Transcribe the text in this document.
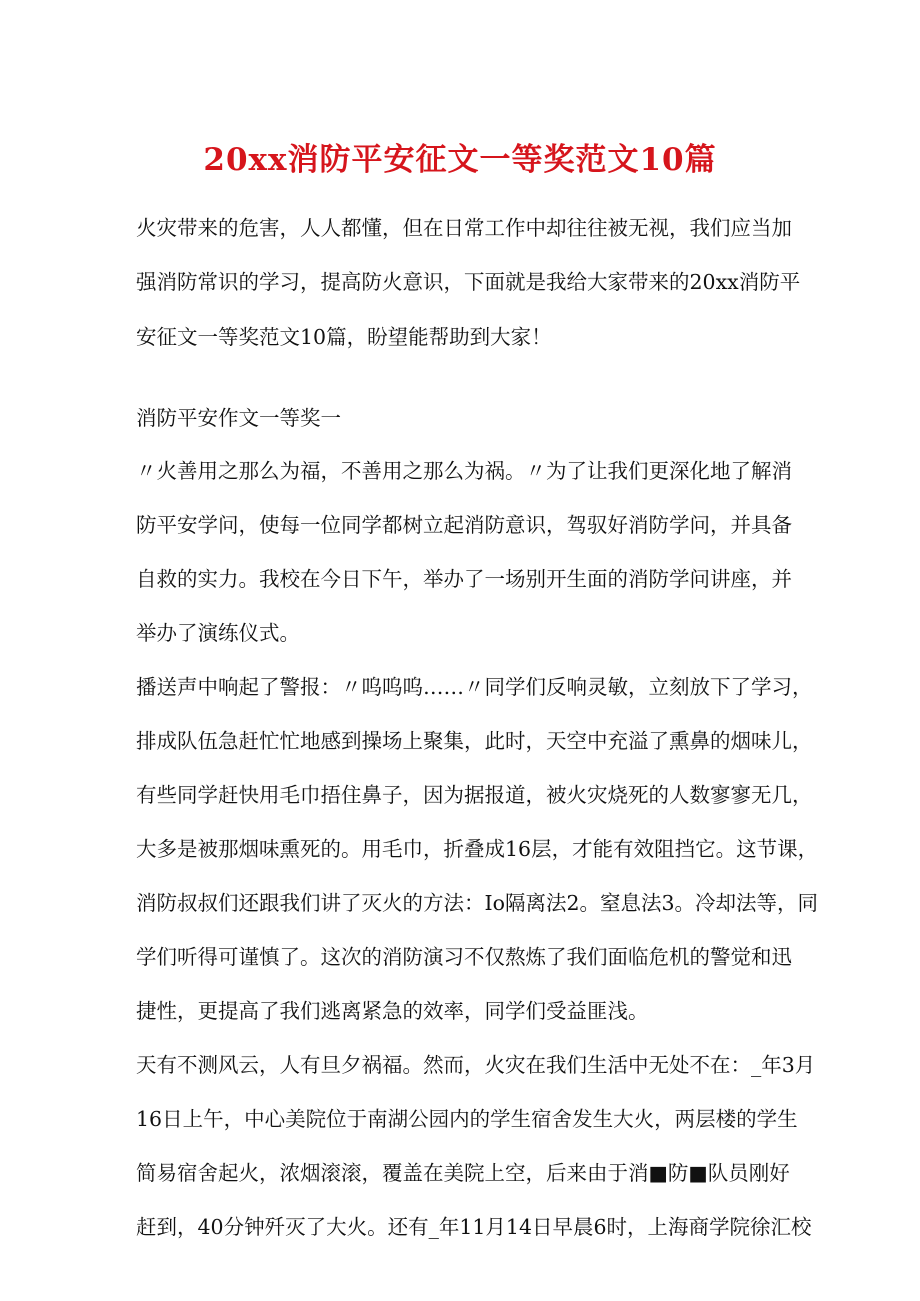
20xx消防平安征文一等奖范文10篇
火灾带来的危害，人人都懂，但在日常工作中却往往被无视，我们应当加
强消防常识的学习，提高防火意识，下面就是我给大家带来的20xx消防平
安征文一等奖范文10篇，盼望能帮助到大家！
消防平安作文一等奖一
〃火善用之那么为福，不善用之那么为祸。〃为了让我们更深化地了解消
防平安学问，使每一位同学都树立起消防意识，驾驭好消防学问，并具备
自救的实力。我校在今日下午，举办了一场别开生面的消防学问讲座，并
举办了演练仪式。
播送声中响起了警报：〃呜呜呜……〃同学们反响灵敏，立刻放下了学习，
排成队伍急赶忙忙地感到操场上聚集，此时，天空中充溢了熏鼻的烟味儿，
有些同学赶快用毛巾捂住鼻子，因为据报道，被火灾烧死的人数寥寥无几，
大多是被那烟味熏死的。用毛巾，折叠成16层，才能有效阻挡它。这节课，
消防叔叔们还跟我们讲了灭火的方法：Io隔离法2。窒息法3。冷却法等，同
学们听得可谨慎了。这次的消防演习不仅熬炼了我们面临危机的警觉和迅
捷性，更提高了我们逃离紧急的效率，同学们受益匪浅。
天有不测风云，人有旦夕祸福。然而，火灾在我们生活中无处不在：_年3月
16日上午，中心美院位于南湖公园内的学生宿舍发生大火，两层楼的学生
简易宿舍起火，浓烟滚滚，覆盖在美院上空，后来由于消■防■队员刚好
赶到，40分钟歼灭了大火。还有_年11月14日早晨6时，上海商学院徐汇校
